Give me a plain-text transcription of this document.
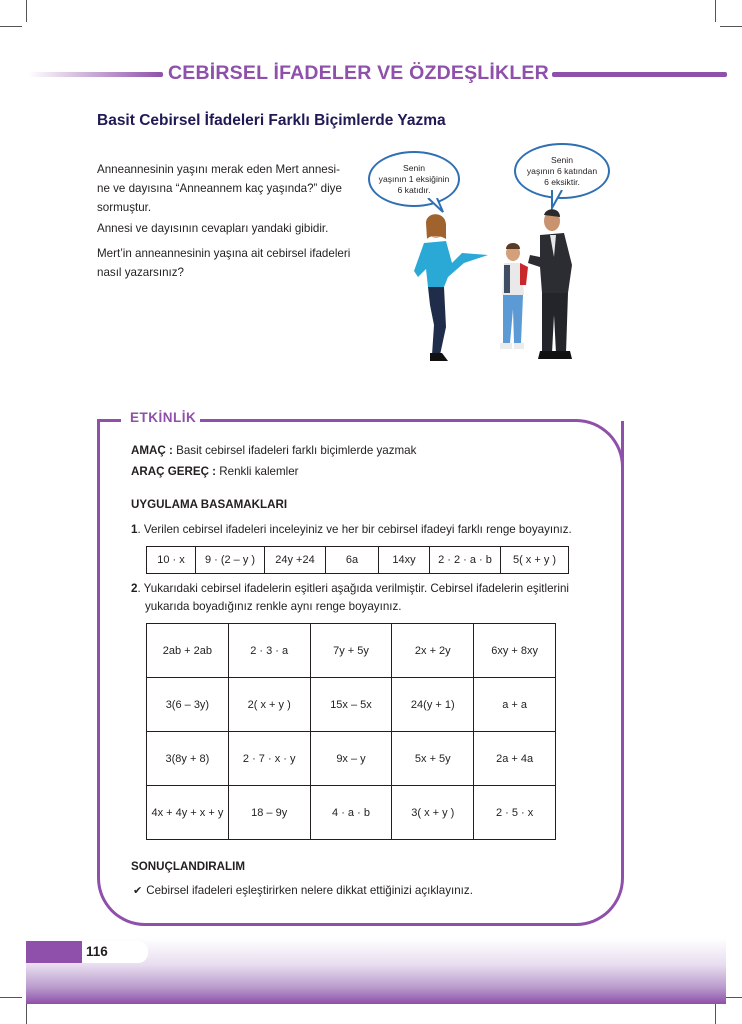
CEBİRSEL İFADELER VE ÖZDEŞLİKLER
Basit Cebirsel İfadeleri Farklı Biçimlerde Yazma
Anneannesinin yaşını merak eden Mert annesi-
ne ve dayısına “Anneannem kaç yaşında?” diye
sormuştur.
Annesi ve dayısının cevapları yandaki gibidir.
Mert’in anneannesinin yaşına ait cebirsel ifadeleri
nasıl yazarsınız?
Senin
yaşının 1 eksiğinin
6 katıdır.
Senin
yaşının 6 katından
6 eksiktir.
ETKİNLİK
AMAÇ : Basit cebirsel ifadeleri farklı biçimlerde yazmak
ARAÇ GEREÇ : Renkli kalemler
UYGULAMA BASAMAKLARI
1. Verilen cebirsel ifadeleri inceleyiniz ve her bir cebirsel ifadeyi farklı renge boyayınız.
10 · x	9 · (2 – y )	24y +24	6a	14xy	2 · 2 · a · b	5( x + y )
2. Yukarıdaki cebirsel ifadelerin eşitleri aşağıda verilmiştir. Cebirsel ifadelerin eşitlerini
yukarıda boyadığınız renkle aynı renge boyayınız.
2ab + 2ab	2 · 3 · a	7y + 5y	2x + 2y	6xy + 8xy
3(6 – 3y)	2( x + y )	15x – 5x	24(y + 1)	a + a
3(8y + 8)	2 · 7 · x · y	9x – y	5x + 5y	2a + 4a
4x + 4y + x + y	18 – 9y	4 · a · b	3( x + y )	2 · 5 · x
SONUÇLANDIRALIM
✔ Cebirsel ifadeleri eşleştirirken nelere dikkat ettiğinizi açıklayınız.
116
